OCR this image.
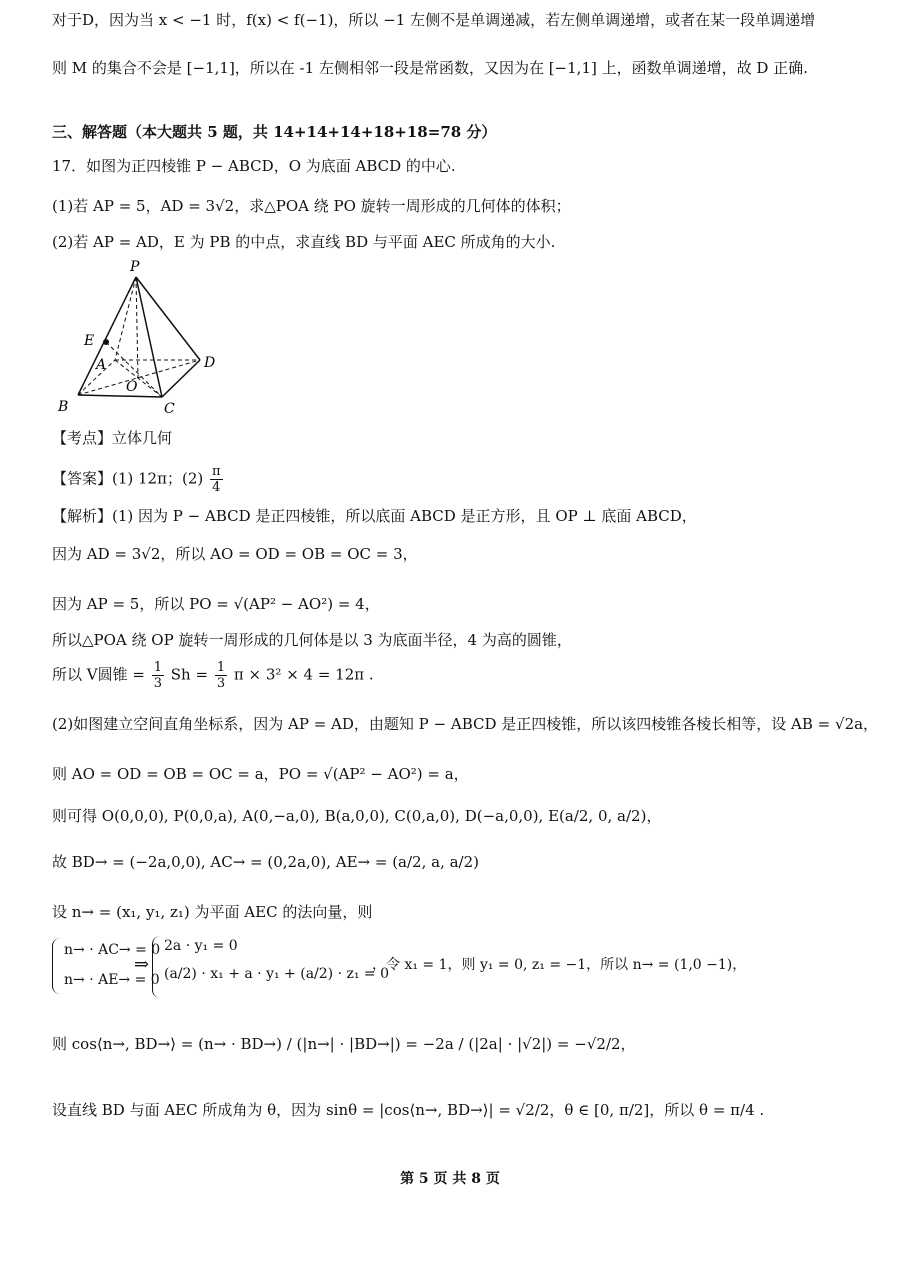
对于D，因为当 x < −1 时，f(x) < f(−1)，所以 −1 左侧不是单调递减，若左侧单调递增，或者在某一段单调递增
则 M 的集合不会是 [−1,1]，所以在 -1 左侧相邻一段是常函数，又因为在 [−1,1] 上，函数单调递增，故 D 正确.
三、解答题（本大题共 5 题，共 14+14+14+18+18=78 分）
17．如图为正四棱锥 P − ABCD，O 为底面 ABCD 的中心.
(1)若 AP = 5，AD = 3√2，求△POA 绕 PO 旋转一周形成的几何体的体积；
(2)若 AP = AD，E 为 PB 的中点，求直线 BD 与平面 AEC 所成角的大小.
P
E
A	D
O
B	C
【考点】立体几何
【答案】(1) 12π；$(2) \frac{\pi}{4}$
【解析】(1) 因为 P − ABCD 是正四棱锥，所以底面 ABCD 是正方形，且 OP ⊥ 底面 ABCD，
因为 AD = 3√2，所以 AO = OD = OB = OC = 3，
因为 AP = 5，所以 PO = √(AP² − AO²) = 4，
所以△POA 绕 OP 旋转一周形成的几何体是以 3 为底面半径，4 为高的圆锥，
所以 V圆锥 = $\frac{1}{3}$ $Sh = \frac{1}{3}$ π × 3² × 4 = 12π .
(2)如图建立空间直角坐标系，因为 AP = AD，由题知 P − ABCD 是正四棱锥，所以该四棱锥各棱长相等，设 AB = √2a，
则 AO = OD = OB = OC = a，PO = √(AP² − AO²) = a，
则可得 O(0,0,0), P(0,0,a), A(0,−a,0), B(a,0,0), C(0,a,0), D(−a,0,0), E(a/2, 0, a/2)，
故 BD→ = (−2a,0,0), AC→ = (0,2a,0), AE→ = (a/2, a, a/2)
设 n→ = (x₁, y₁, z₁) 为平面 AEC 的法向量，则
n→ · AC→ = 0
n→ · AE→ = 0
⇒
2a · y₁ = 0
(a/2) · x₁ + a · y₁ + (a/2) · z₁ = 0
，令 x₁ = 1，则 y₁ = 0, z₁ = −1，所以 n→ = (1,0 −1)，
则 cos⟨n→, BD→⟩ = (n→ · BD→) / (|n→| · |BD→|) = −2a / (|2a| · |√2|) = −√2/2，
设直线 BD 与面 AEC 所成角为 θ，因为 sinθ = |cos⟨n→, BD→⟩| = √2/2，θ ∈ [0, π/2]，所以 θ = π/4 .
第 5 页 共 8 页
